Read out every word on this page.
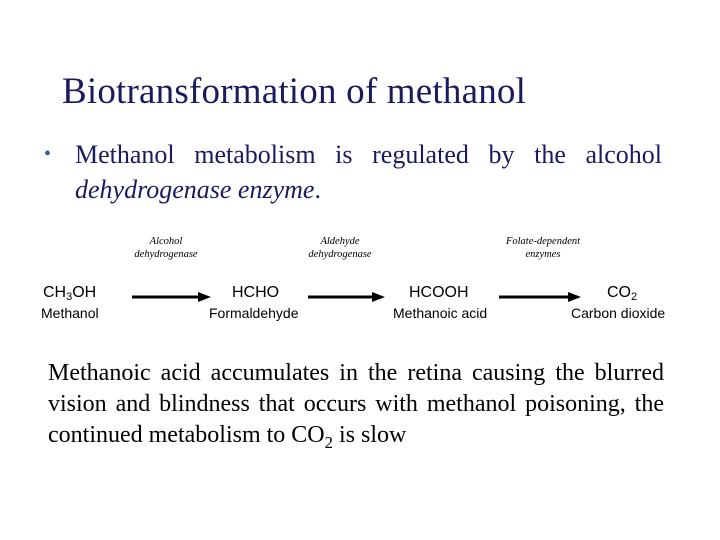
Biotransformation of methanol
• Methanol metabolism is regulated by the alcohol dehydrogenase enzyme.
Alcohol
dehydrogenase
Aldehyde
dehydrogenase
Folate-dependent
enzymes
CH3OH
Methanol
HCHO
Formaldehyde
HCOOH
Methanoic acid
CO2
Carbon dioxide
Methanoic acid accumulates in the retina causing the blurred vision and blindness that occurs with methanol poisoning, the continued metabolism to $CO_2$ is slow
